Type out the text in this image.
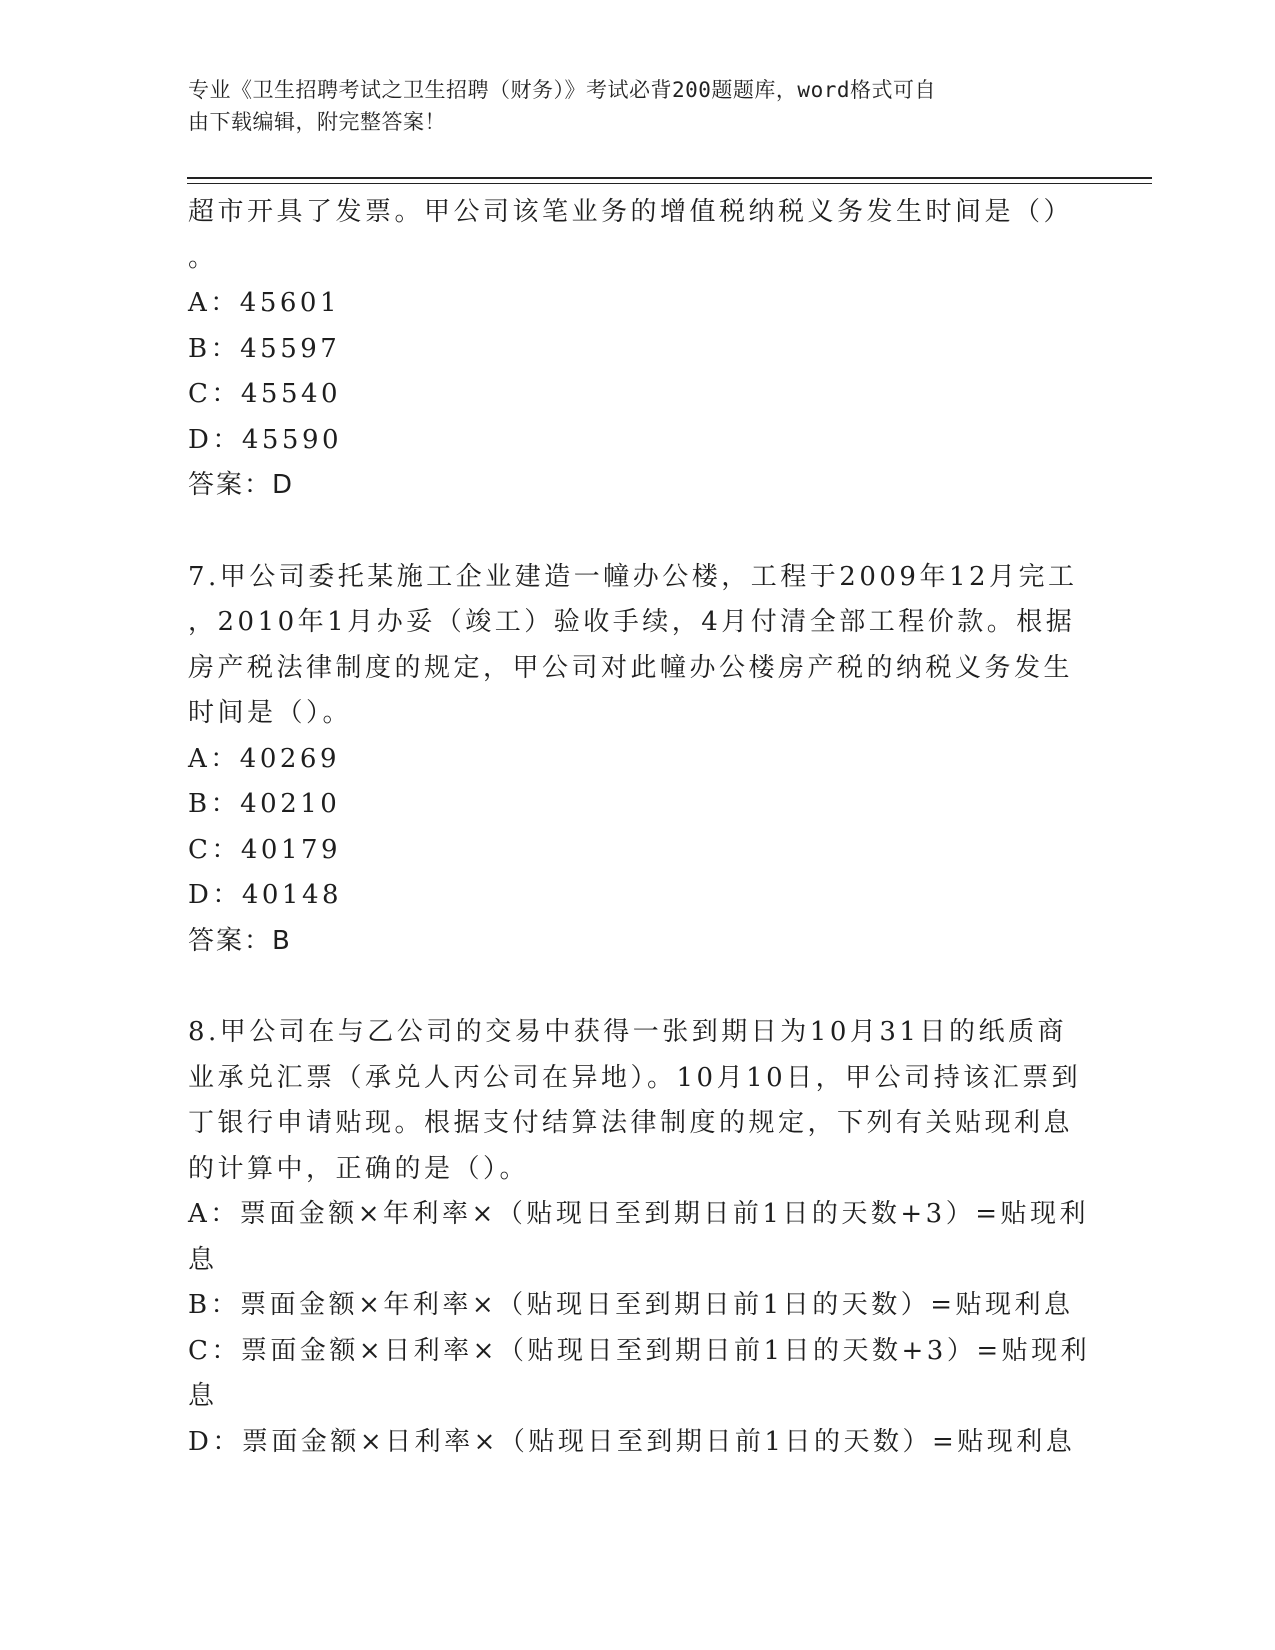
专业《卫生招聘考试之卫生招聘（财务）》考试必背200题题库，word格式可自
由下载编辑，附完整答案！
超市开具了发票。甲公司该笔业务的增值税纳税义务发生时间是（）
。
A：45601
B：45597
C：45540
D：45590
答案：D
7.甲公司委托某施工企业建造一幢办公楼，工程于2009年12月完工
，2010年1月办妥（竣工）验收手续，4月付清全部工程价款。根据
房产税法律制度的规定，甲公司对此幢办公楼房产税的纳税义务发生
时间是（）。
A：40269
B：40210
C：40179
D：40148
答案：B
8.甲公司在与乙公司的交易中获得一张到期日为10月31日的纸质商
业承兑汇票（承兑人丙公司在异地）。10月10日，甲公司持该汇票到
丁银行申请贴现。根据支付结算法律制度的规定，下列有关贴现利息
的计算中，正确的是（）。
A：票面金额×年利率×（贴现日至到期日前1日的天数+3）=贴现利
息
B：票面金额×年利率×（贴现日至到期日前1日的天数）=贴现利息
C：票面金额×日利率×（贴现日至到期日前1日的天数+3）=贴现利
息
D：票面金额×日利率×（贴现日至到期日前1日的天数）=贴现利息
